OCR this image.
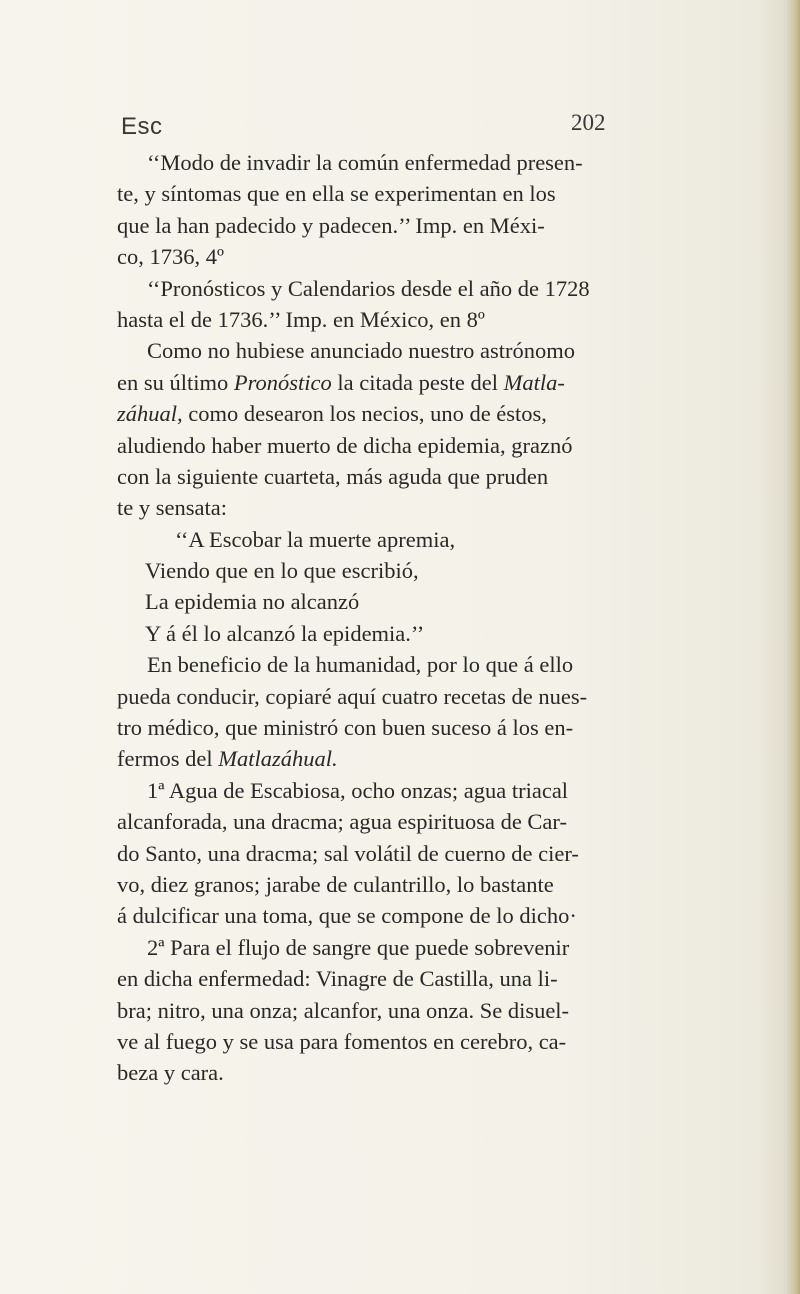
Esc	202
‘‘Modo de invadir la común enfermedad presen-
te, y síntomas que en ella se experimentan en los
que la han padecido y padecen.’’ Imp. en Méxi-
co, 1736, 4º
‘‘Pronósticos y Calendarios desde el año de 1728
hasta el de 1736.’’ Imp. en México, en 8º
Como no hubiese anunciado nuestro astrónomo
en su último Pronóstico la citada peste del Matla-
záhual, como desearon los necios, uno de éstos,
aludiendo haber muerto de dicha epidemia, graznó
con la siguiente cuarteta, más aguda que pruden
te y sensata:
‘‘A Escobar la muerte apremia,
Viendo que en lo que escribió,
La epidemia no alcanzó
Y á él lo alcanzó la epidemia.’’
En beneficio de la humanidad, por lo que á ello
pueda conducir, copiaré aquí cuatro recetas de nues-
tro médico, que ministró con buen suceso á los en-
fermos del Matlazáhual.
1ª Agua de Escabiosa, ocho onzas; agua triacal
alcanforada, una dracma; agua espirituosa de Car-
do Santo, una dracma; sal volátil de cuerno de cier-
vo, diez granos; jarabe de culantrillo, lo bastante
á dulcificar una toma, que se compone de lo dicho·
2ª Para el flujo de sangre que puede sobrevenir
en dicha enfermedad: Vinagre de Castilla, una li-
bra; nitro, una onza; alcanfor, una onza. Se disuel-
ve al fuego y se usa para fomentos en cerebro, ca-
beza y cara.
